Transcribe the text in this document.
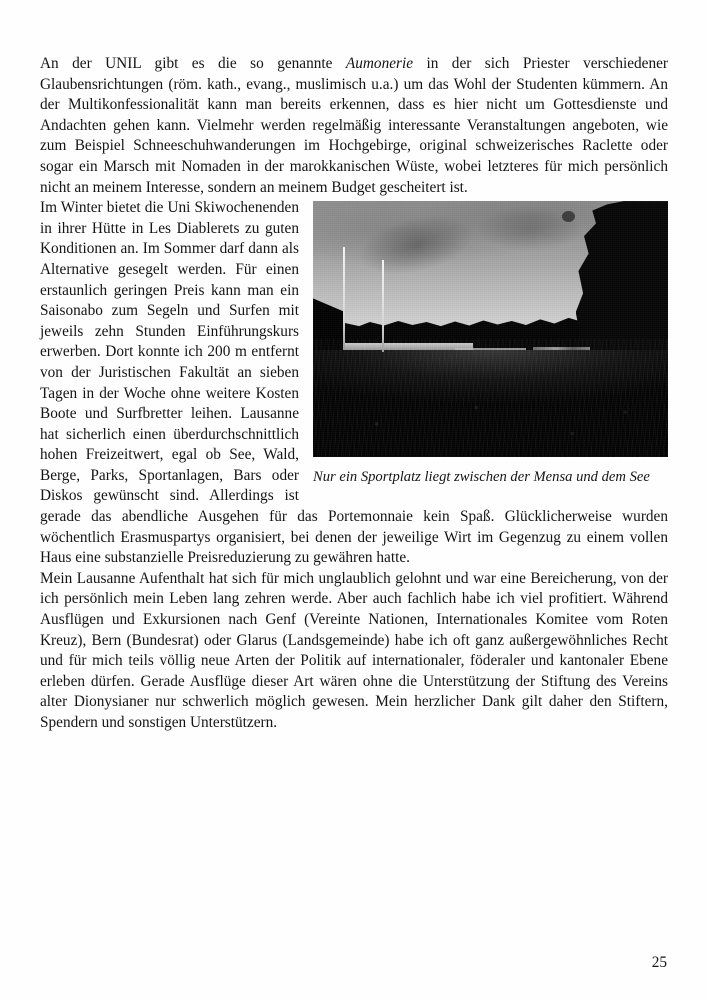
An der UNIL gibt es die so genannte Aumonerie in der sich Priester verschiedener Glaubensrichtungen (röm. kath., evang., muslimisch u.a.) um das Wohl der Studenten kümmern. An der Multikonfessionalität kann man bereits erkennen, dass es hier nicht um Gottesdienste und Andachten gehen kann. Vielmehr werden regelmäßig interessante Veranstaltungen angeboten, wie zum Beispiel Schneeschuhwanderungen im Hochgebirge, original schweizerisches Raclette oder sogar ein Marsch mit Nomaden in der marokkanischen Wüste, wobei letzteres für mich persönlich nicht an meinem Interesse, sondern an meinem Budget gescheitert ist.

Nur ein Sportplatz liegt zwischen der Mensa und dem See

Im Winter bietet die Uni Skiwochenenden in ihrer Hütte in Les Diablerets zu guten Konditionen an. Im Sommer darf dann als Alternative gesegelt werden. Für einen erstaunlich geringen Preis kann man ein Saisonabo zum Segeln und Surfen mit jeweils zehn Stunden Einführungskurs erwerben. Dort konnte ich 200 m entfernt von der Juristischen Fakultät an sieben Tagen in der Woche ohne weitere Kosten Boote und Surfbretter leihen. Lausanne hat sicherlich einen überdurchschnittlich hohen Freizeitwert, egal ob See, Wald, Berge, Parks, Sportanlagen, Bars oder Diskos gewünscht sind. Allerdings ist gerade das abendliche Ausgehen für das Portemonnaie kein Spaß. Glücklicherweise wurden wöchentlich Erasmuspartys organisiert, bei denen der jeweilige Wirt im Gegenzug zu einem vollen Haus eine substanzielle Preisreduzierung zu gewähren hatte.

Mein Lausanne Aufenthalt hat sich für mich unglaublich gelohnt und war eine Bereicherung, von der ich persönlich mein Leben lang zehren werde. Aber auch fachlich habe ich viel profitiert. Während Ausflügen und Exkursionen nach Genf (Vereinte Nationen, Internationales Komitee vom Roten Kreuz), Bern (Bundesrat) oder Glarus (Landsgemeinde) habe ich oft ganz außergewöhnliches Recht und für mich teils völlig neue Arten der Politik auf internationaler, föderaler und kantonaler Ebene erleben dürfen. Gerade Ausflüge dieser Art wären ohne die Unterstützung der Stiftung des Vereins alter Dionysianer nur schwerlich möglich gewesen. Mein herzlicher Dank gilt daher den Stiftern, Spendern und sonstigen Unterstützern.

25
